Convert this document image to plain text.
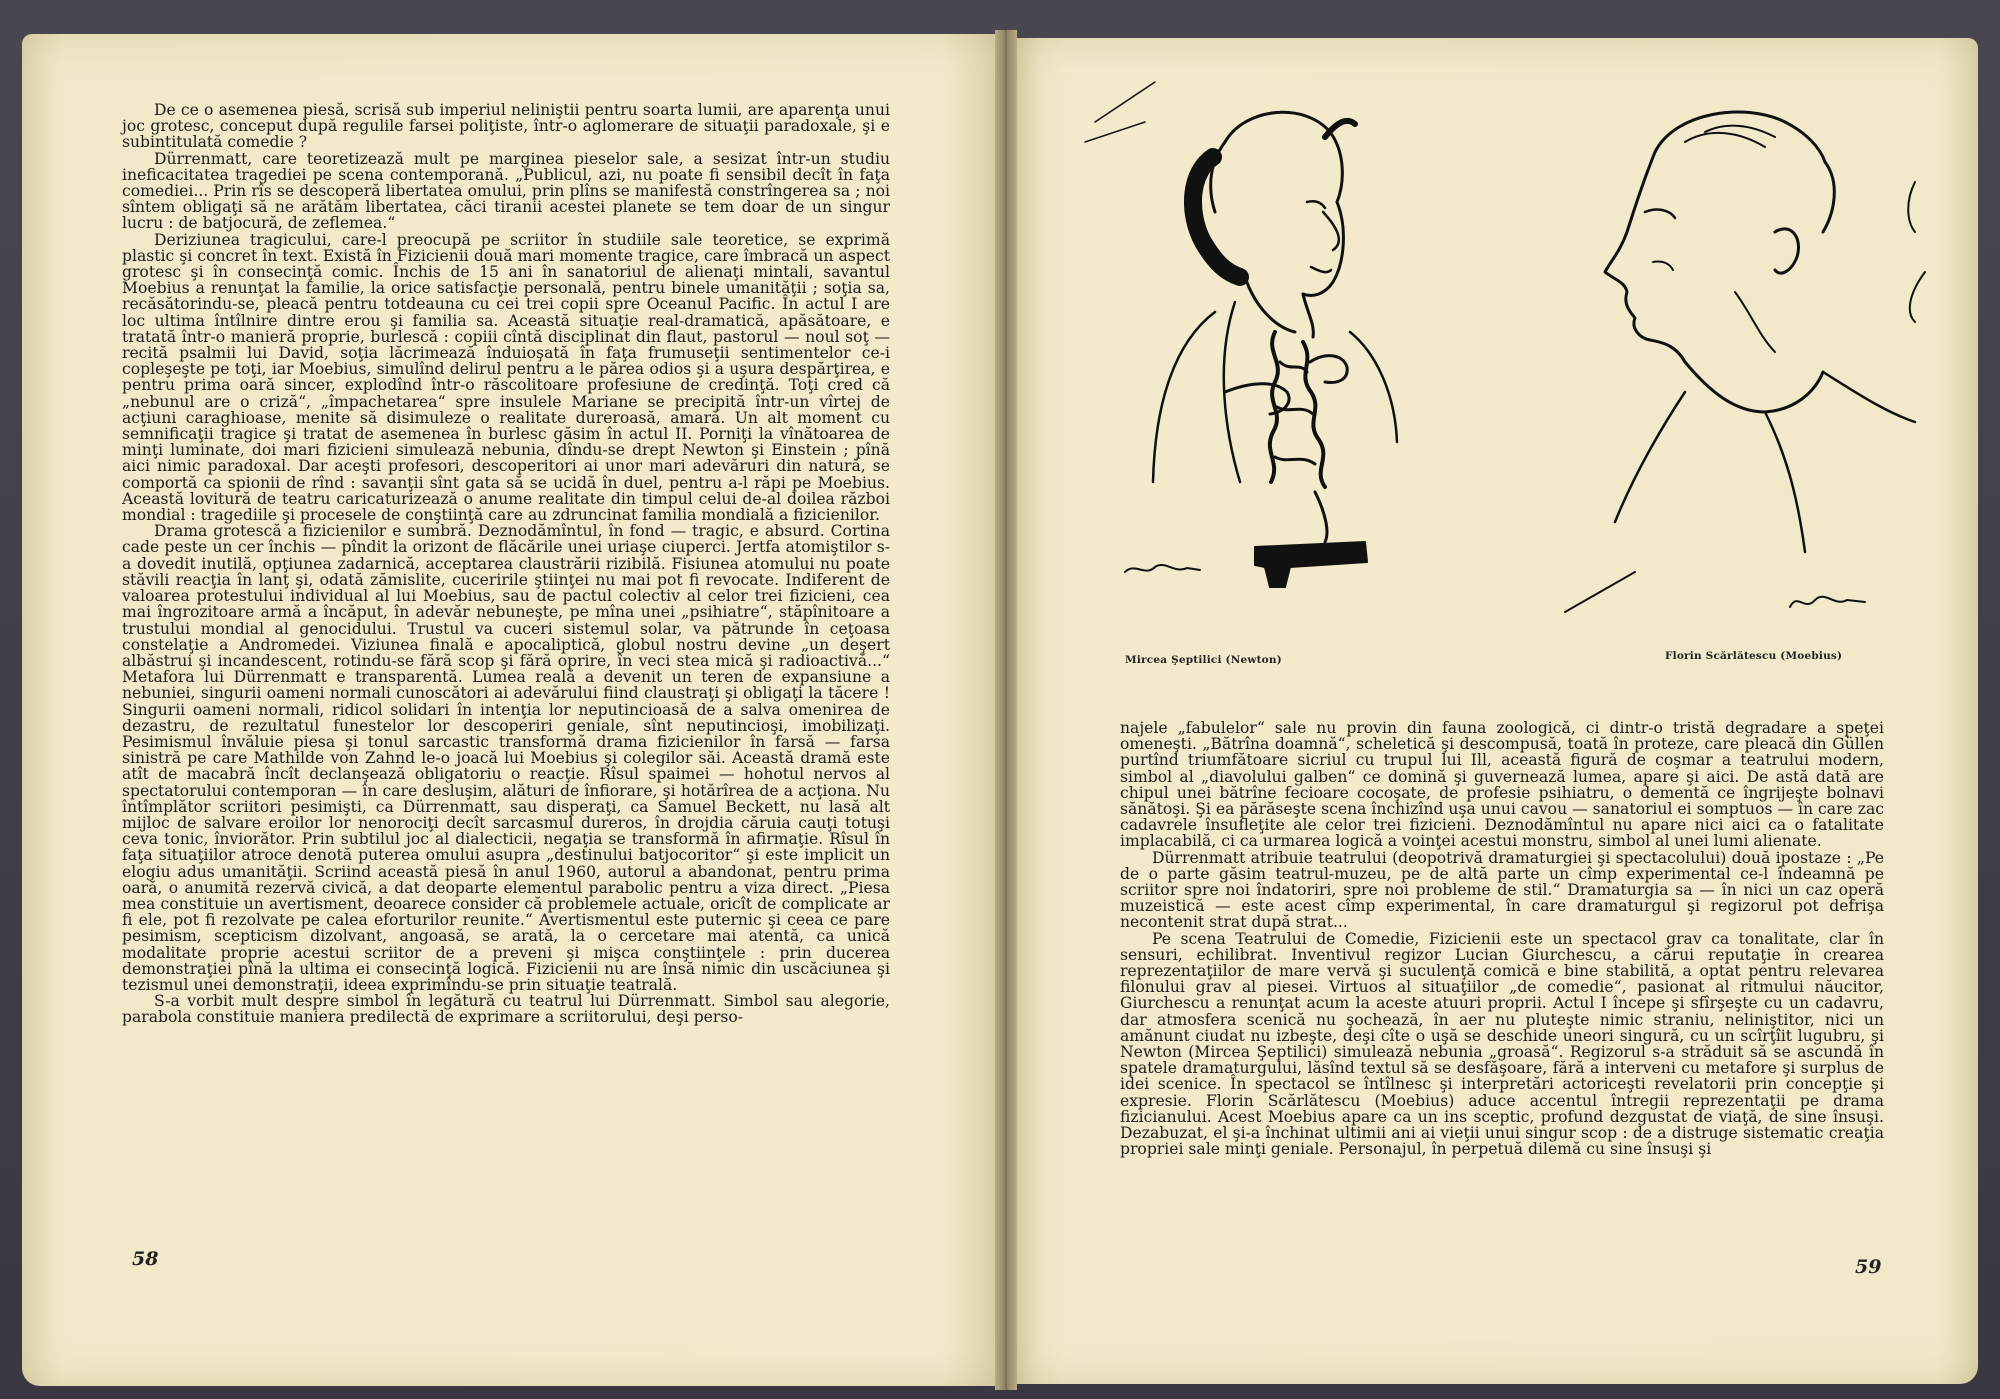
De ce o asemenea piesă, scrisă sub imperiul neliniştii pentru soarta lumii, are aparenţa unui joc grotesc, conceput după regulile farsei poliţiste, într-o aglomerare de situaţii paradoxale, şi e subintitulată comedie ?

Dürrenmatt, care teoretizează mult pe marginea pieselor sale, a sesizat într-un studiu ineficacitatea tragediei pe scena contemporană. „Publicul, azi, nu poate fi sensibil decît în faţa comediei... Prin rîs se descoperă libertatea omului, prin plîns se manifestă constrîngerea sa ; noi sîntem obligaţi să ne arătăm libertatea, căci tiranii acestei planete se tem doar de un singur lucru : de batjocură, de zeflemea.“

Deriziunea tragicului, care-l preocupă pe scriitor în studiile sale teoretice, se exprimă plastic şi concret în text. Există în Fizicienii două mari momente tragice, care îmbracă un aspect grotesc şi în consecinţă comic. Închis de 15 ani în sanatoriul de alienaţi mintali, savantul Moebius a renunţat la familie, la orice satisfacţie personală, pentru binele umanităţii ; soţia sa, recăsătorindu-se, pleacă pentru totdeauna cu cei trei copii spre Oceanul Pacific. În actul I are loc ultima întîlnire dintre erou şi familia sa. Această situaţie real-dramatică, apăsătoare, e tratată într-o manieră proprie, burlescă : copiii cîntă disciplinat din flaut, pastorul — noul soţ — recită psalmii lui David, soţia lăcrimează înduioşată în faţa frumuseţii sentimentelor ce-i copleşeşte pe toţi, iar Moebius, simulînd delirul pentru a le părea odios şi a uşura despărţirea, e pentru prima oară sincer, explodînd într-o răscolitoare profesiune de credinţă. Toţi cred că „nebunul are o criză“, „împachetarea“ spre insulele Mariane se precipită într-un vîrtej de acţiuni caraghioase, menite să disimuleze o realitate dureroasă, amară. Un alt moment cu semnificaţii tragice şi tratat de asemenea în burlesc găsim în actul II. Porniţi la vînătoarea de minţi luminate, doi mari fizicieni simulează nebunia, dîndu-se drept Newton şi Einstein ; pînă aici nimic paradoxal. Dar aceşti profesori, descoperitori ai unor mari adevăruri din natură, se comportă ca spionii de rînd : savanţii sînt gata să se ucidă în duel, pentru a-l răpi pe Moebius. Această lovitură de teatru caricaturizează o anume realitate din timpul celui de-al doilea război mondial : tragediile şi procesele de conştiinţă care au zdruncinat familia mondială a fizicienilor.

Drama grotescă a fizicienilor e sumbră. Deznodămîntul, în fond — tragic, e absurd. Cortina cade peste un cer închis — pîndit la orizont de flăcările unei uriaşe ciuperci. Jertfa atomiştilor s-a dovedit inutilă, opţiunea zadarnică, acceptarea claustrării rizibilă. Fisiunea atomului nu poate stăvili reacţia în lanţ şi, odată zămislite, cuceririle ştiinţei nu mai pot fi revocate. Indiferent de valoarea protestului individual al lui Moebius, sau de pactul colectiv al celor trei fizicieni, cea mai îngrozitoare armă a încăput, în adevăr nebuneşte, pe mîna unei „psihiatre“, stăpînitoare a trustului mondial al genocidului. Trustul va cuceri sistemul solar, va pătrunde în ceţoasa constelaţie a Andromedei. Viziunea finală e apocaliptică, globul nostru devine „un deşert albăstrui şi incandescent, rotindu-se fără scop şi fără oprire, în veci stea mică şi radioactivă...“ Metafora lui Dürrenmatt e transparentă. Lumea reală a devenit un teren de expansiune a nebuniei, singurii oameni normali cunoscători ai adevărului fiind claustraţi şi obligaţi la tăcere ! Singurii oameni normali, ridicol solidari în intenţia lor neputincioasă de a salva omenirea de dezastru, de rezultatul funestelor lor descoperiri geniale, sînt neputincioşi, imobilizaţi. Pesimismul învăluie piesa şi tonul sarcastic transformă drama fizicienilor în farsă — farsa sinistră pe care Mathilde von Zahnd le-o joacă lui Moebius şi colegilor săi. Această dramă este atît de macabră încît declanşează obligatoriu o reacţie. Rîsul spaimei — hohotul nervos al spectatorului contemporan — în care desluşim, alături de înfiorare, şi hotărîrea de a acţiona. Nu întîmplător scriitori pesimişti, ca Dürrenmatt, sau disperaţi, ca Samuel Beckett, nu lasă alt mijloc de salvare eroilor lor nenorociţi decît sarcasmul dureros, în drojdia căruia cauţi totuşi ceva tonic, înviorător. Prin subtilul joc al dialecticii, negaţia se transformă în afirmaţie. Rîsul în faţa situaţiilor atroce denotă puterea omului asupra „destinului batjocoritor“ şi este implicit un elogiu adus umanităţii. Scriind această piesă în anul 1960, autorul a abandonat, pentru prima oară, o anumită rezervă civică, a dat deoparte elementul parabolic pentru a viza direct. „Piesa mea constituie un avertisment, deoarece consider că problemele actuale, oricît de complicate ar fi ele, pot fi rezolvate pe calea eforturilor reunite.“ Avertismentul este puternic şi ceea ce pare pesimism, scepticism dizolvant, angoasă, se arată, la o cercetare mai atentă, ca unică modalitate proprie acestui scriitor de a preveni şi mişca conştiinţele : prin ducerea demonstraţiei pînă la ultima ei consecinţă logică. Fizicienii nu are însă nimic din uscăciunea şi tezismul unei demonstraţii, ideea exprimîndu-se prin situaţie teatrală.

S-a vorbit mult despre simbol în legătură cu teatrul lui Dürrenmatt. Simbol sau alegorie, parabola constituie maniera predilectă de exprimare a scriitorului, deşi perso-

58
Mircea Şeptilici (Newton)	Florin Scărlătescu (Moebius)

najele „fabulelor“ sale nu provin din fauna zoologică, ci dintr-o tristă degradare a speţei omeneşti. „Bătrîna doamnă“, scheletică şi descompusă, toată în proteze, care pleacă din Güllen purtînd triumfătoare sicriul cu trupul lui Ill, această figură de coşmar a teatrului modern, simbol al „diavolului galben“ ce domină şi guvernează lumea, apare şi aici. De astă dată are chipul unei bătrîne fecioare cocoşate, de profesie psihiatru, o dementă ce îngrijeşte bolnavi sănătoşi. Şi ea părăseşte scena închizînd uşa unui cavou — sanatoriul ei somptuos — în care zac cadavrele însufleţite ale celor trei fizicieni. Deznodămîntul nu apare nici aici ca o fatalitate implacabilă, ci ca urmarea logică a voinţei acestui monstru, simbol al unei lumi alienate.

Dürrenmatt atribuie teatrului (deopotrivă dramaturgiei şi spectacolului) două ipostaze : „Pe de o parte găsim teatrul-muzeu, pe de altă parte un cîmp experimental ce-l îndeamnă pe scriitor spre noi îndatoriri, spre noi probleme de stil.“ Dramaturgia sa — în nici un caz operă muzeistică — este acest cîmp experimental, în care dramaturgul şi regizorul pot defrişa necontenit strat după strat...

Pe scena Teatrului de Comedie, Fizicienii este un spectacol grav ca tonalitate, clar în sensuri, echilibrat. Inventivul regizor Lucian Giurchescu, a cărui reputaţie în crearea reprezentaţiilor de mare vervă şi suculenţă comică e bine stabilită, a optat pentru relevarea filonului grav al piesei. Virtuos al situaţiilor „de comedie“, pasionat al ritmului năucitor, Giurchescu a renunţat acum la aceste atuuri proprii. Actul I începe şi sfîrşeşte cu un cadavru, dar atmosfera scenică nu şochează, în aer nu pluteşte nimic straniu, neliniştitor, nici un amănunt ciudat nu izbeşte, deşi cîte o uşă se deschide uneori singură, cu un scîrţîit lugubru, şi Newton (Mircea Şeptilici) simulează nebunia „groasă“. Regizorul s-a străduit să se ascundă în spatele dramaturgului, lăsînd textul să se desfăşoare, fără a interveni cu metafore şi surplus de idei scenice. În spectacol se întîlnesc şi interpretări actoriceşti revelatorii prin concepţie şi expresie. Florin Scărlătescu (Moebius) aduce accentul întregii reprezentaţii pe drama fizicianului. Acest Moebius apare ca un ins sceptic, profund dezgustat de viaţă, de sine însuşi. Dezabuzat, el şi-a închinat ultimii ani ai vieţii unui singur scop : de a distruge sistematic creaţia propriei sale minţi geniale. Personajul, în perpetuă dilemă cu sine însuşi şi

59
